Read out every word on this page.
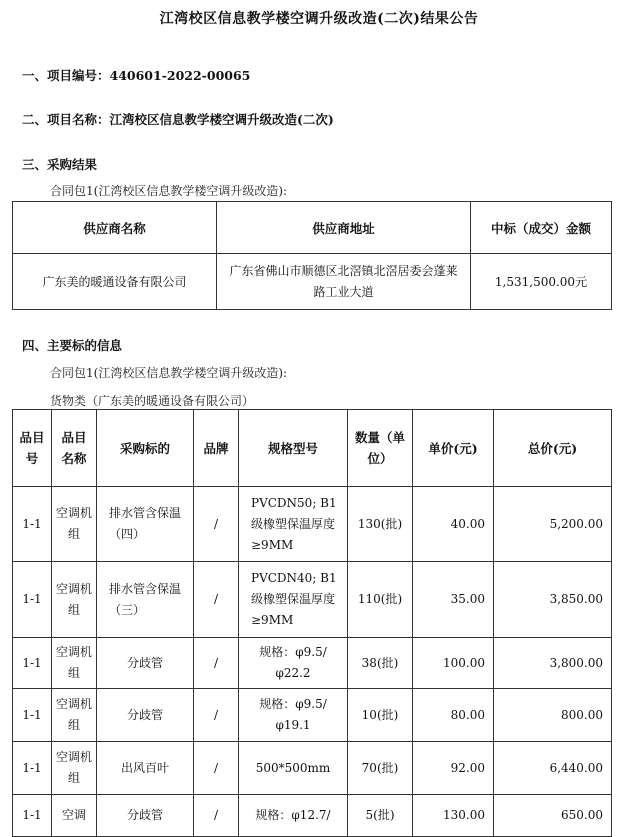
江湾校区信息教学楼空调升级改造(二次)结果公告
一、项目编号：440601-2022-00065
二、项目名称：江湾校区信息教学楼空调升级改造(二次)
三、采购结果
合同包1(江湾校区信息教学楼空调升级改造):
供应商名称	供应商地址	中标（成交）金额
广东美的暖通设备有限公司	广东省佛山市顺德区北滘镇北滘居委会蓬莱路工业大道	1,531,500.00元
四、主要标的信息
合同包1(江湾校区信息教学楼空调升级改造):
货物类（广东美的暖通设备有限公司）
品目号	品目名称	采购标的	品牌	规格型号	数量（单位）	单价(元)	总价(元)
1-1	空调机组	排水管含保温（四）	/	PVCDN50; B1级橡塑保温厚度≥9MM	130(批)	40.00	5,200.00
1-1	空调机组	排水管含保温（三）	/	PVCDN40; B1级橡塑保温厚度≥9MM	110(批)	35.00	3,850.00
1-1	空调机组	分歧管	/	规格：φ9.5/φ22.2	38(批)	100.00	3,800.00
1-1	空调机组	分歧管	/	规格：φ9.5/φ19.1	10(批)	80.00	800.00
1-1	空调机组	出风百叶	/	500*500mm	70(批)	92.00	6,440.00
1-1	空调	分歧管	/	规格：φ12.7/	5(批)	130.00	650.00
